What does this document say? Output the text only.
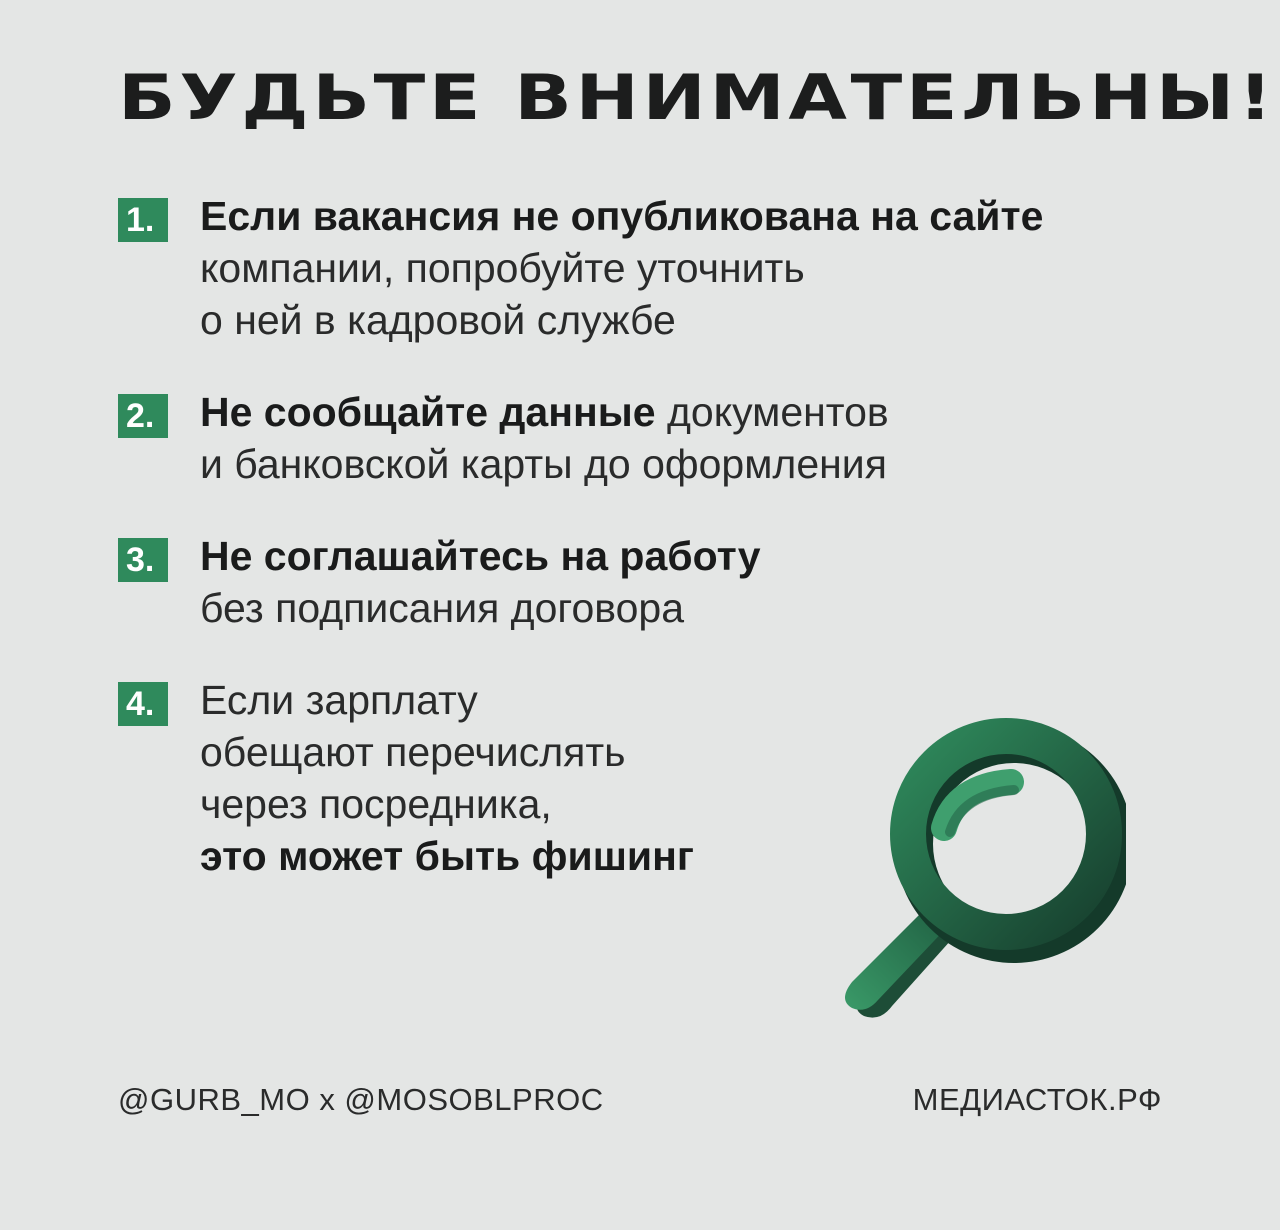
БУДЬТЕ ВНИМАТЕЛЬНЫ!
1.	Если вакансия не опубликована на сайте
компании, попробуйте уточнить
о ней в кадровой службе
2.	Не сообщайте данные документов
и банковской карты до оформления
3.	Не соглашайтесь на работу
без подписания договора
4.	Если зарплату
обещают перечислять
через посредника,
это может быть фишинг
@GURB_MO x @MOSOBLPROC	МЕДИАСТОК.РФ
